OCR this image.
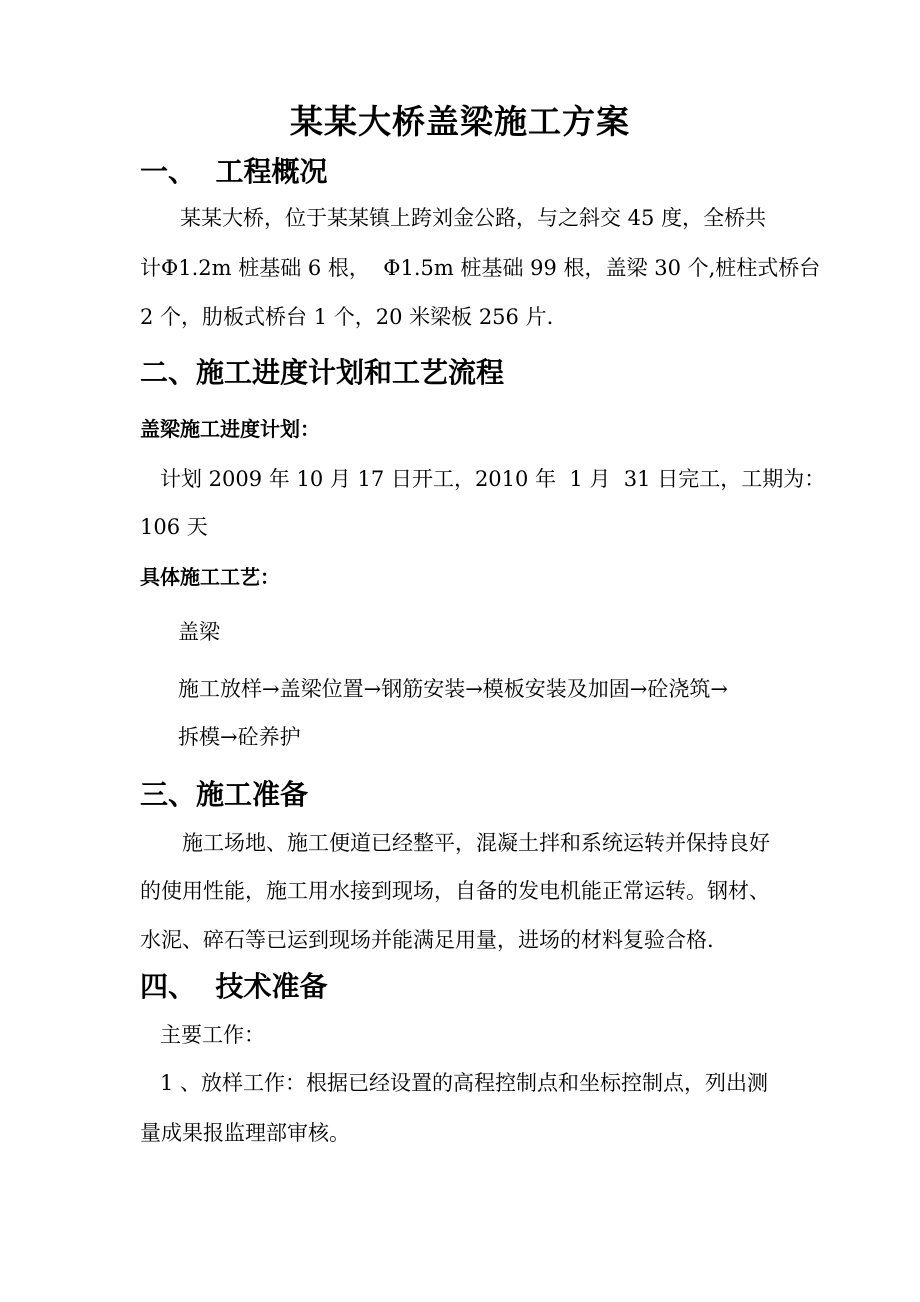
某某大桥盖梁施工方案
一、  工程概况
某某大桥，位于某某镇上跨刘金公路，与之斜交 45 度，全桥共
计Φ1.2m 桩基础 6 根，  Φ1.5m 桩基础 99 根，盖梁 30 个,桩柱式桥台
2 个，肋板式桥台 1 个，20 米梁板 256 片.
二、施工进度计划和工艺流程
盖梁施工进度计划：
计划 2009 年 10 月 17 日开工，2010 年  1 月  31 日完工，工期为：
106 天
具体施工工艺：
盖梁
施工放样→盖梁位置→钢筋安装→模板安装及加固→砼浇筑→
拆模→砼养护
三、施工准备
施工场地、施工便道已经整平，混凝土拌和系统运转并保持良好
的使用性能，施工用水接到现场，自备的发电机能正常运转。钢材、
水泥、碎石等已运到现场并能满足用量，进场的材料复验合格.
四、  技术准备
主要工作：
1 、放样工作：根据已经设置的高程控制点和坐标控制点，列出测
量成果报监理部审核。
